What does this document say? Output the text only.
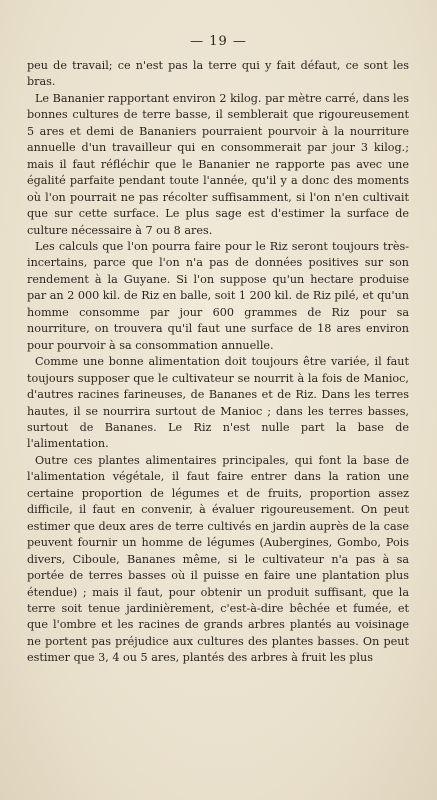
— 19 —

peu de travail; ce n'est pas la terre qui y fait défaut, ce sont les bras.

Le Bananier rapportant environ 2 kilog. par mètre carré, dans les bonnes cultures de terre basse, il semblerait que rigoureusement 5 ares et demi de Bananiers pourraient pourvoir à la nourriture annuelle d'un travailleur qui en consommerait par jour 3 kilog.; mais il faut réfléchir que le Bananier ne rapporte pas avec une égalité parfaite pendant toute l'année, qu'il y a donc des moments où l'on pourrait ne pas récolter suffisamment, si l'on n'en cultivait que sur cette surface. Le plus sage est d'estimer la surface de culture nécessaire à 7 ou 8 ares.

Les calculs que l'on pourra faire pour le Riz seront toujours très-incertains, parce que l'on n'a pas de données positives sur son rendement à la Guyane. Si l'on suppose qu'un hectare produise par an 2 000 kil. de Riz en balle, soit 1 200 kil. de Riz pilé, et qu'un homme consomme par jour 600 grammes de Riz pour sa nourriture, on trouvera qu'il faut une surface de 18 ares environ pour pourvoir à sa consommation annuelle.

Comme une bonne alimentation doit toujours être variée, il faut toujours supposer que le cultivateur se nourrit à la fois de Manioc, d'autres racines farineuses, de Bananes et de Riz. Dans les terres hautes, il se nourrira surtout de Manioc ; dans les terres basses, surtout de Bananes. Le Riz n'est nulle part la base de l'alimentation.

Outre ces plantes alimentaires principales, qui font la base de l'alimentation végétale, il faut faire entrer dans la ration une certaine proportion de légumes et de fruits, proportion assez difficile, il faut en convenir, à évaluer rigoureusement. On peut estimer que deux ares de terre cultivés en jardin auprès de la case peuvent fournir un homme de légumes (Aubergines, Gombo, Pois divers, Ciboule, Bananes même, si le cultivateur n'a pas à sa portée de terres basses où il puisse en faire une plantation plus étendue) ; mais il faut, pour obtenir un produit suffisant, que la terre soit tenue jardinièrement, c'est-à-dire bêchée et fumée, et que l'ombre et les racines de grands arbres plantés au voisinage ne portent pas préjudice aux cultures des plantes basses. On peut estimer que 3, 4 ou 5 ares, plantés des arbres à fruit les plus
